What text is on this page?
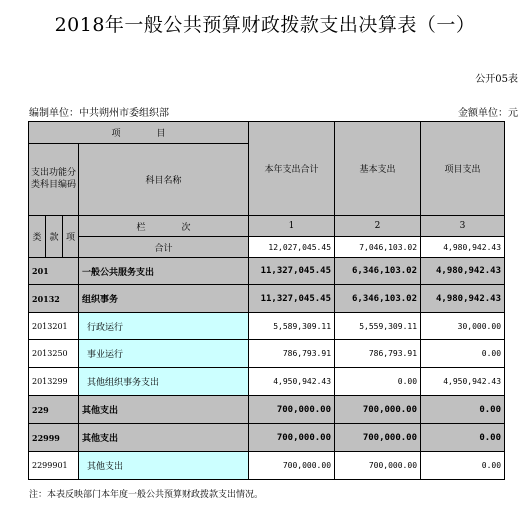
2018年一般公共预算财政拨款支出决算表（一）
公开05表
编制单位：中共朔州市委组织部	金额单位：元
项　　　　目				本年支出合计	基本支出	项目支出
支出功能分类科目编码			科目名称			

类	款	项	栏　　　　次	1	2	3
			合计	12,027,045.45	7,046,103.02	4,980,942.43
201			一般公共服务支出	11,327,045.45	6,346,103.02	4,980,942.43
20132			组织事务	11,327,045.45	6,346,103.02	4,980,942.43
2013201			行政运行	5,589,309.11	5,559,309.11	30,000.00
2013250			事业运行	786,793.91	786,793.91	0.00
2013299			其他组织事务支出	4,950,942.43	0.00	4,950,942.43
229			其他支出	700,000.00	700,000.00	0.00
22999			其他支出	700,000.00	700,000.00	0.00
2299901			其他支出	700,000.00	700,000.00	0.00
注：本表反映部门本年度一般公共预算财政拨款支出情况。
